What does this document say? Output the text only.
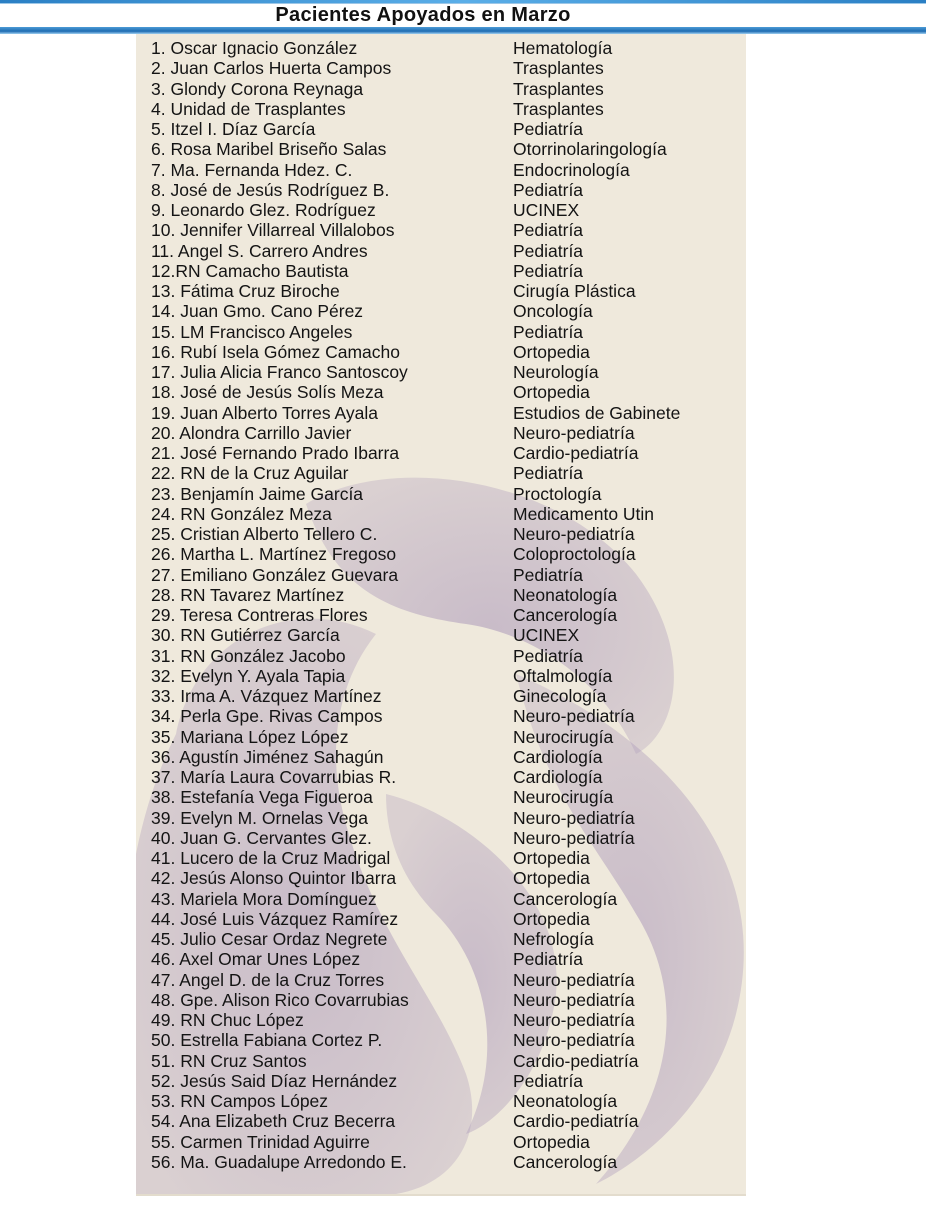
Pacientes Apoyados en Marzo
1. Oscar Ignacio González	Hematología
2. Juan Carlos Huerta Campos	Trasplantes
3. Glondy Corona Reynaga	Trasplantes
4. Unidad de Trasplantes	Trasplantes
5. Itzel I. Díaz García	Pediatría
6. Rosa Maribel Briseño Salas	Otorrinolaringología
7. Ma. Fernanda Hdez. C.	Endocrinología
8. José de Jesús Rodríguez B.	Pediatría
9. Leonardo Glez. Rodríguez	UCINEX
10. Jennifer Villarreal Villalobos	Pediatría
11. Angel S. Carrero Andres	Pediatría
12.RN Camacho Bautista	Pediatría
13. Fátima Cruz Biroche	Cirugía Plástica
14. Juan Gmo. Cano Pérez	Oncología
15. LM Francisco Angeles	Pediatría
16. Rubí Isela Gómez Camacho	Ortopedia
17. Julia Alicia Franco Santoscoy	Neurología
18. José de Jesús Solís Meza	Ortopedia
19. Juan Alberto Torres Ayala	Estudios de Gabinete
20. Alondra Carrillo Javier	Neuro-pediatría
21. José Fernando Prado Ibarra	Cardio-pediatría
22. RN de la Cruz Aguilar	Pediatría
23. Benjamín Jaime García	Proctología
24. RN González Meza	Medicamento Utin
25. Cristian Alberto Tellero C.	Neuro-pediatría
26. Martha L. Martínez Fregoso	Coloproctología
27. Emiliano González Guevara	Pediatría
28. RN Tavarez Martínez	Neonatología
29. Teresa Contreras Flores	Cancerología
30. RN Gutiérrez García	UCINEX
31. RN González Jacobo	Pediatría
32. Evelyn Y. Ayala Tapia	Oftalmología
33. Irma A. Vázquez Martínez	Ginecología
34. Perla Gpe. Rivas Campos	Neuro-pediatría
35. Mariana López López	Neurocirugía
36. Agustín Jiménez Sahagún	Cardiología
37. María Laura Covarrubias R.	Cardiología
38. Estefanía Vega Figueroa	Neurocirugía
39. Evelyn M. Ornelas Vega	Neuro-pediatría
40. Juan G. Cervantes Glez.	Neuro-pediatría
41. Lucero de la Cruz Madrigal	Ortopedia
42. Jesús Alonso Quintor Ibarra	Ortopedia
43. Mariela Mora Domínguez	Cancerología
44. José Luis Vázquez Ramírez	Ortopedia
45. Julio Cesar Ordaz Negrete	Nefrología
46. Axel Omar Unes López	Pediatría
47. Angel D. de la Cruz Torres	Neuro-pediatría
48. Gpe. Alison Rico Covarrubias	Neuro-pediatría
49. RN Chuc López	Neuro-pediatría
50. Estrella Fabiana Cortez P.	Neuro-pediatría
51. RN Cruz Santos	Cardio-pediatría
52. Jesús Said Díaz Hernández	Pediatría
53. RN Campos López	Neonatología
54. Ana Elizabeth Cruz Becerra	Cardio-pediatría
55. Carmen Trinidad Aguirre	Ortopedia
56. Ma. Guadalupe Arredondo E.	Cancerología
